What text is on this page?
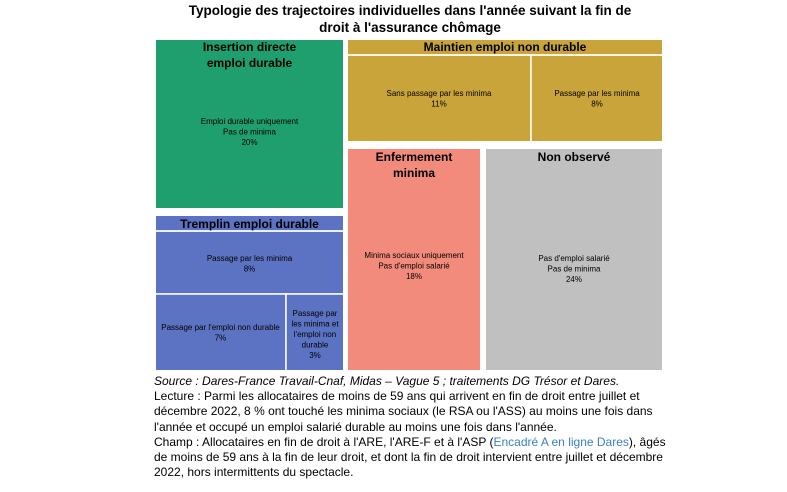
Typologie des trajectoires individuelles dans l'année suivant la fin de
droit à l'assurance chômage
Emploi durable uniquement
Pas de minima
20%
Insertion directe
emploi durable
Sans passage par les minima
11%
Passage par les minima
8%
Maintien emploi non durable
Minima sociaux uniquement
Pas d'emploi salarié
18%
Enfermement
minima
Pas d'emploi salarié
Pas de minima
24%
Non observé
Passage par les minima
8%
Passage par l'emploi non durable
7%
Passage par
les minima et
l'emploi non
durable
3%
Tremplin emploi durable

Source : Dares-France Travail-Cnaf, Midas – Vague 5 ; traitements DG Trésor et Dares.

Lecture : Parmi les allocataires de moins de 59 ans qui arrivent en fin de droit entre juillet et décembre 2022, 8 % ont touché les minima sociaux (le RSA ou l'ASS) au moins une fois dans l'année et occupé un emploi salarié durable au moins une fois dans l'année.

Champ : Allocataires en fin de droit à l'ARE, l'ARE-F et à l'ASP (Encadré A en ligne Dares), âgés de moins de 59 ans à la fin de leur droit, et dont la fin de droit intervient entre juillet et décembre 2022, hors intermittents du spectacle.
